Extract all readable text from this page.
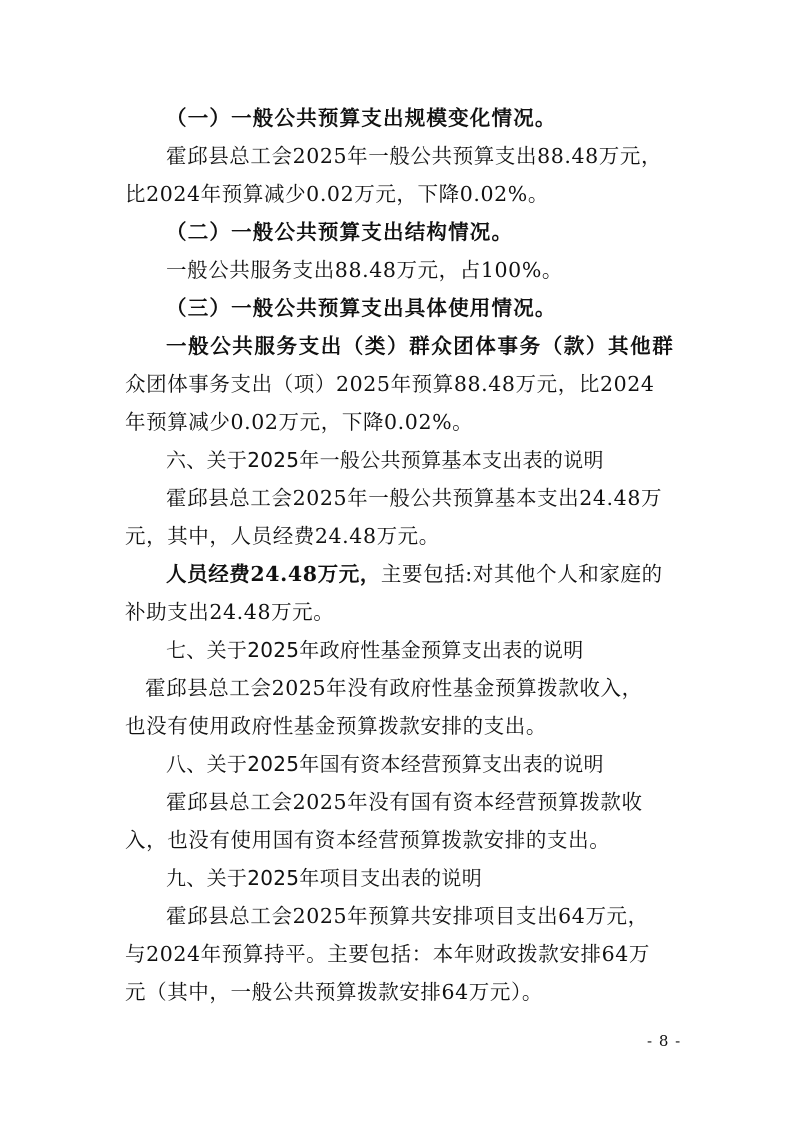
（一）一般公共预算支出规模变化情况。
霍邱县总工会2025年一般公共预算支出88.48万元，
比2024年预算减少0.02万元，下降0.02%。
（二）一般公共预算支出结构情况。
一般公共服务支出88.48万元，占100%。
（三）一般公共预算支出具体使用情况。
一般公共服务支出（类）群众团体事务（款）其他群
众团体事务支出（项）2025年预算88.48万元，比2024
年预算减少0.02万元，下降0.02%。
六、关于2025年一般公共预算基本支出表的说明
霍邱县总工会2025年一般公共预算基本支出24.48万
元，其中，人员经费24.48万元。
人员经费24.48万元，主要包括:对其他个人和家庭的
补助支出24.48万元。
七、关于2025年政府性基金预算支出表的说明
霍邱县总工会2025年没有政府性基金预算拨款收入，
也没有使用政府性基金预算拨款安排的支出。
八、关于2025年国有资本经营预算支出表的说明
霍邱县总工会2025年没有国有资本经营预算拨款收
入，也没有使用国有资本经营预算拨款安排的支出。
九、关于2025年项目支出表的说明
霍邱县总工会2025年预算共安排项目支出64万元，
与2024年预算持平。主要包括：本年财政拨款安排64万
元（其中，一般公共预算拨款安排64万元）。
- 8 -
